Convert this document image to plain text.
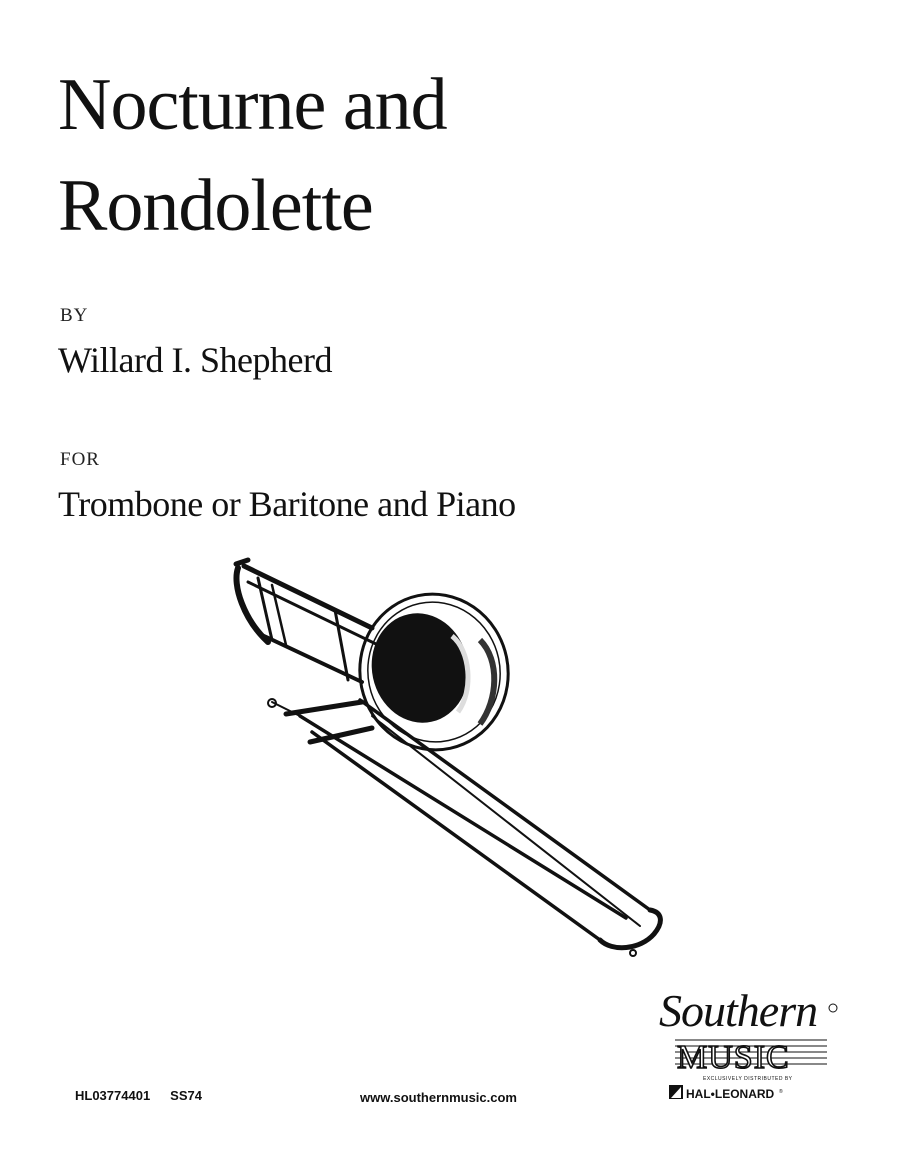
Nocturne and
Rondolette
BY
Willard I. Shepherd
FOR
Trombone or Baritone and Piano
HL03774401 SS74	www.southernmusic.com
Southern
MUSIC
EXCLUSIVELY DISTRIBUTED BY
HAL•LEONARD ®
